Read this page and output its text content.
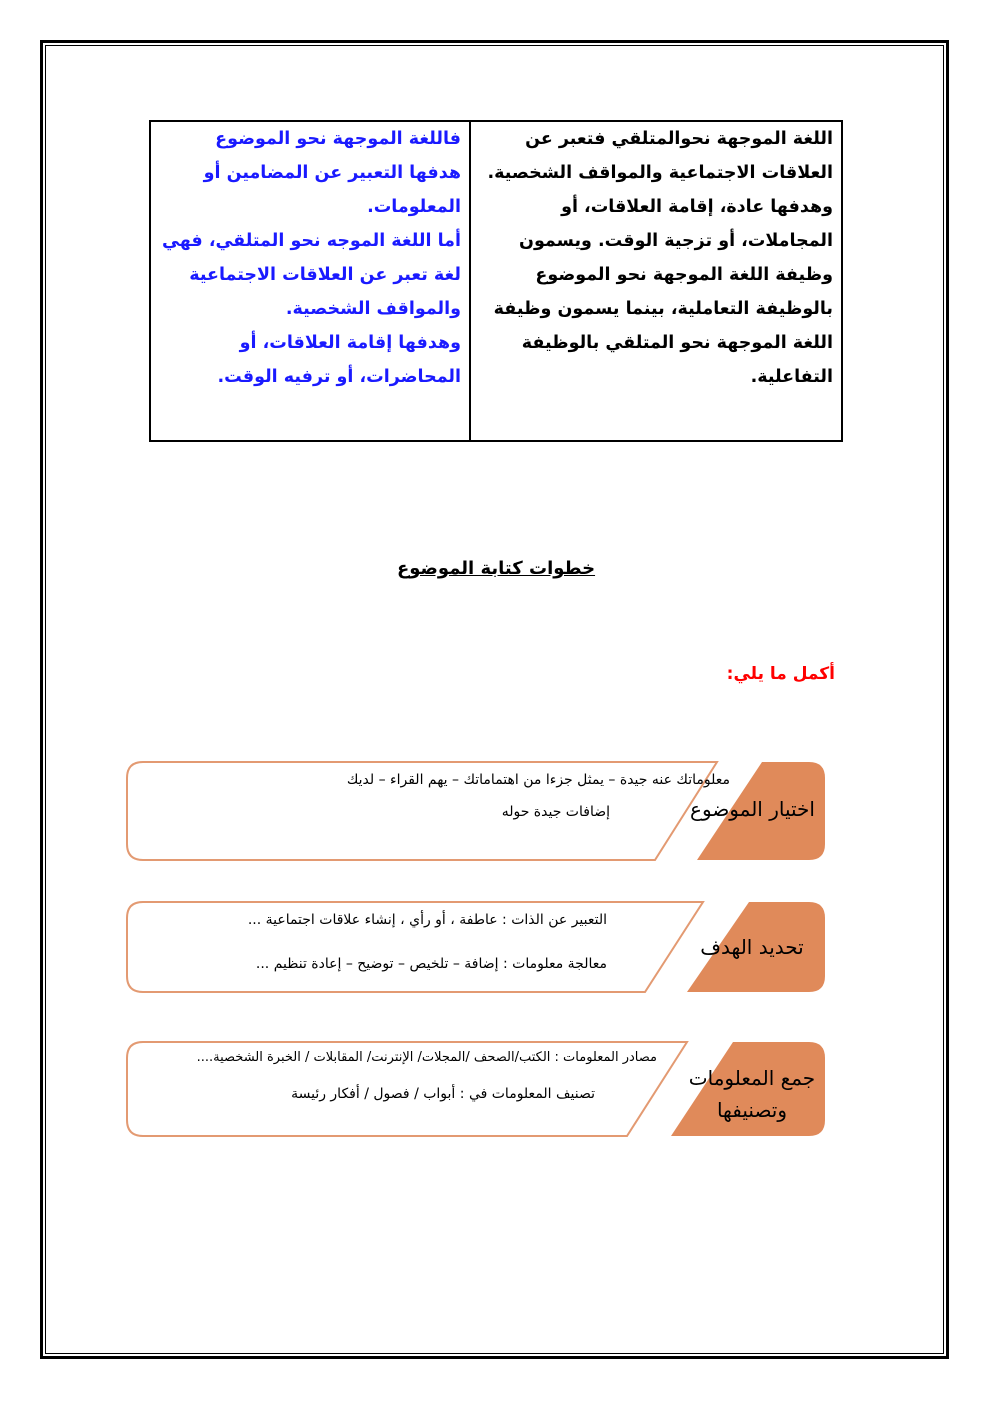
فاللغة الموجهة نحو الموضوع

هدفها التعبير عن المضامين أو

المعلومات.

أما اللغة الموجه نحو المتلقي، فهي

لغة تعبر عن العلاقات الاجتماعية

والمواقف الشخصية.

وهدفها إقامة العلاقات، أو

المحاضرات، أو ترفيه الوقت.

اللغة الموجهة نحوالمتلقي فتعبر عن

العلاقات الاجتماعية والمواقف الشخصية.

وهدفها عادة، إقامة العلاقات، أو

المجاملات، أو تزجية الوقت. ويسمون

وظيفة اللغة الموجهة نحو الموضوع

بالوظيفة التعاملية، بينما يسمون وظيفة

اللغة الموجهة نحو المتلقي بالوظيفة

التفاعلية.

خطوات كتابة الموضوع
أكمل ما يلي:
اختيار الموضوع
معلوماتك عنه جيدة – يمثل جزءا من اهتماماتك – يهم القراء – لديك
إضافات جيدة حوله
تحديد الهدف
التعبير عن الذات : عاطفة ، أو رأي ، إنشاء علاقات اجتماعية ...
معالجة معلومات : إضافة – تلخيص – توضيح – إعادة تنظيم ...
جمع المعلومات
وتصنيفها
مصادر المعلومات : الكتب/الصحف /المجلات/ الإنترنت/ المقابلات / الخبرة الشخصية....
تصنيف المعلومات في : أبواب / فصول / أفكار رئيسة
